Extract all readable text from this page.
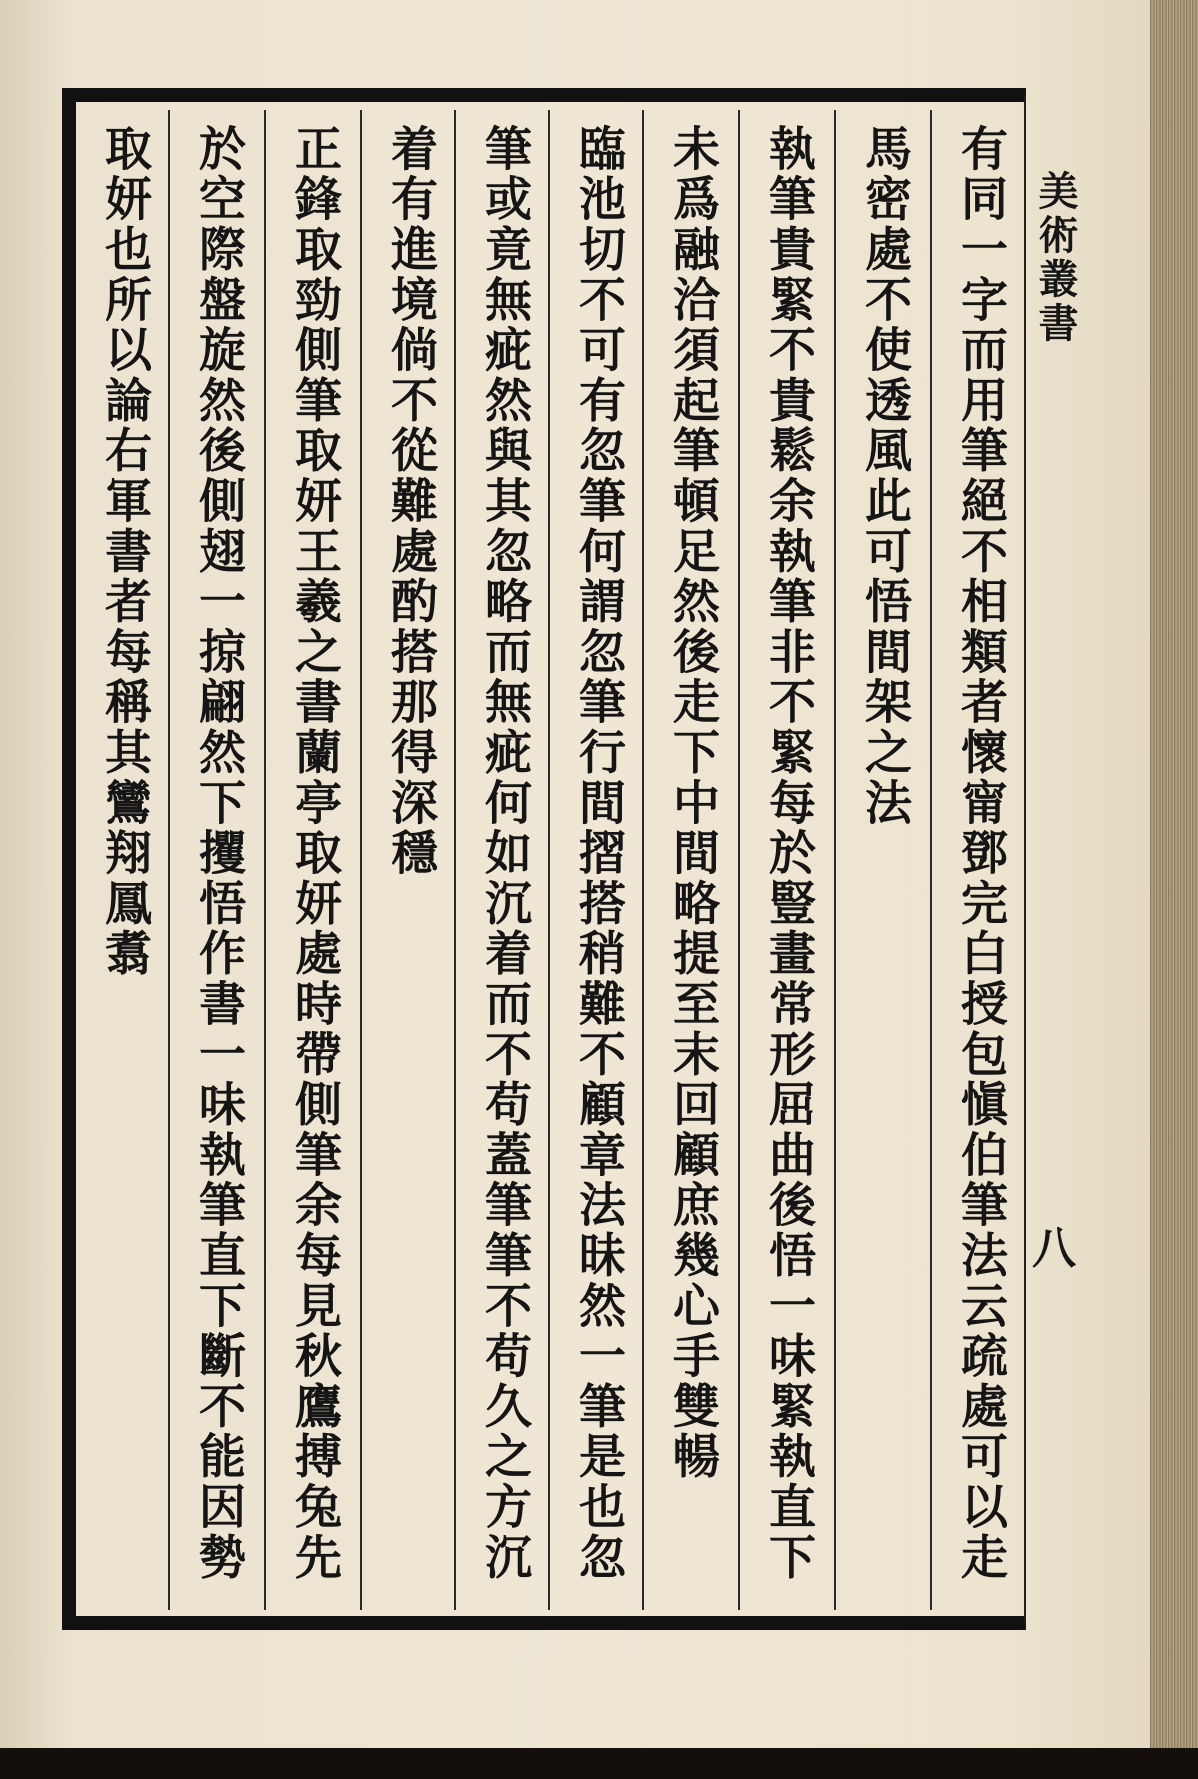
有同一字而用筆絕不相類者懷甯鄧完白授包愼伯筆法云疏處可以走
馬密處不使透風此可悟間架之法
執筆貴緊不貴鬆余執筆非不緊每於豎畫常形屈曲後悟一味緊執直下
未爲融洽須起筆頓足然後走下中間略提至末回顧庶幾心手雙暢
臨池切不可有忽筆何謂忽筆行間摺搭稍難不顧章法昧然一筆是也忽
筆或竟無疵然與其忽略而無疵何如沉着而不苟蓋筆筆不苟久之方沉
着有進境倘不從難處酌搭那得深穩
正鋒取勁側筆取妍王羲之書蘭亭取妍處時帶側筆余每見秋鷹搏兔先
於空際盤旋然後側翅一掠翩然下攫悟作書一味執筆直下斷不能因勢
取妍也所以論右軍書者每稱其鸞翔鳳翥	美術叢書
八
